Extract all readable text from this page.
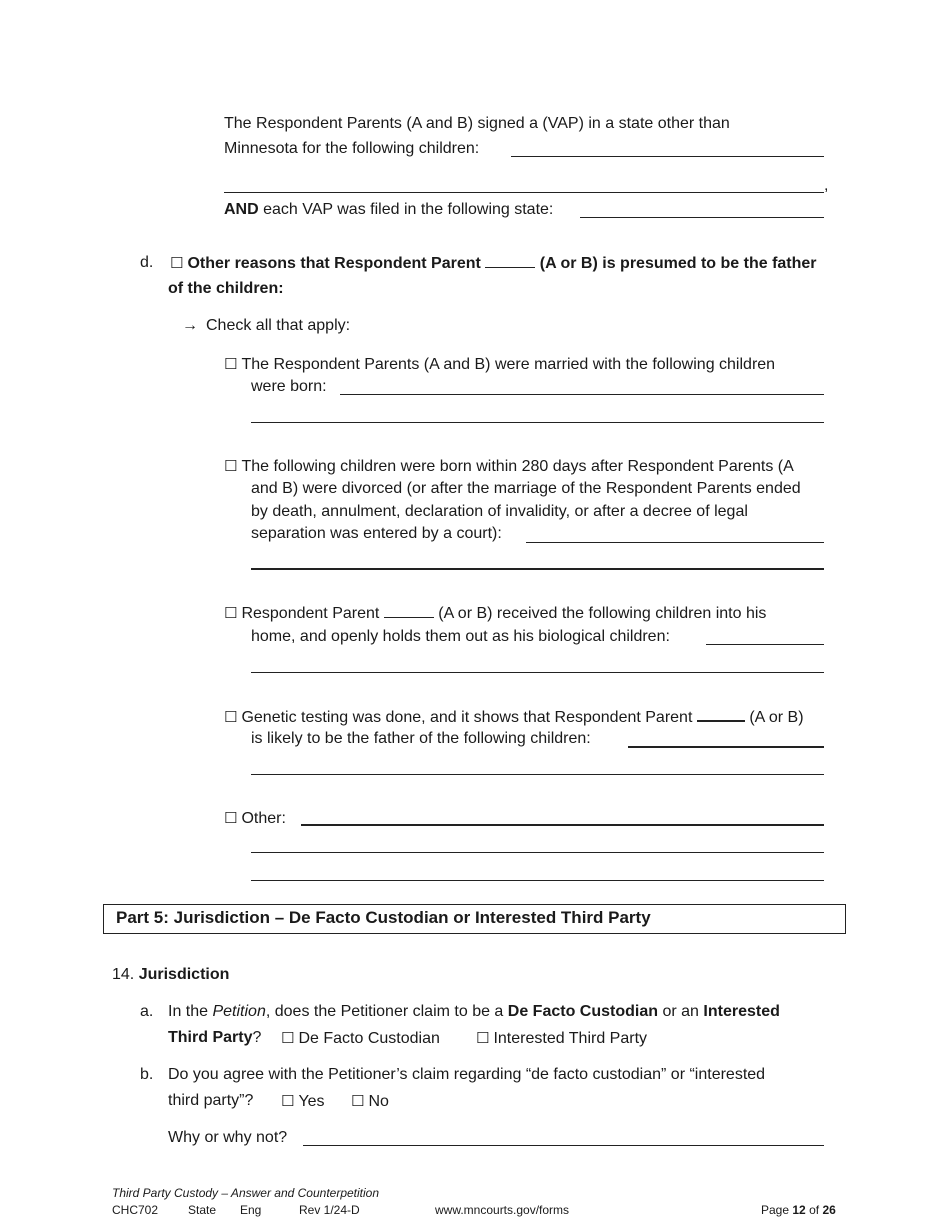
The Respondent Parents (A and B) signed a (VAP) in a state other than
Minnesota for the following children:
,
AND each VAP was filed in the following state:
d. ☐ Other reasons that Respondent Parent	(A or B) is presumed to be the father
of the children:
→ Check all that apply:
☐ The Respondent Parents (A and B) were married with the following children
were born:
☐ The following children were born within 280 days after Respondent Parents (A
and B) were divorced (or after the marriage of the Respondent Parents ended
by death, annulment, declaration of invalidity, or after a decree of legal
separation was entered by a court):
☐ Respondent Parent	(A or B) received the following children into his
home, and openly holds them out as his biological children:
☐ Genetic testing was done, and it shows that Respondent Parent	(A or B)
is likely to be the father of the following children:
☐ Other:
Part 5: Jurisdiction – De Facto Custodian or Interested Third Party
14. Jurisdiction
a. In the Petition, does the Petitioner claim to be a De Facto Custodian or an Interested
Third Party? ☐ De Facto Custodian ☐ Interested Third Party
b. Do you agree with the Petitioner’s claim regarding “de facto custodian” or “interested
third party”? ☐ Yes ☐ No
Why or why not?
Third Party Custody – Answer and Counterpetition
CHC702 State Eng	Rev 1/24-D	www.mncourts.gov/forms	Page 12 of 26
